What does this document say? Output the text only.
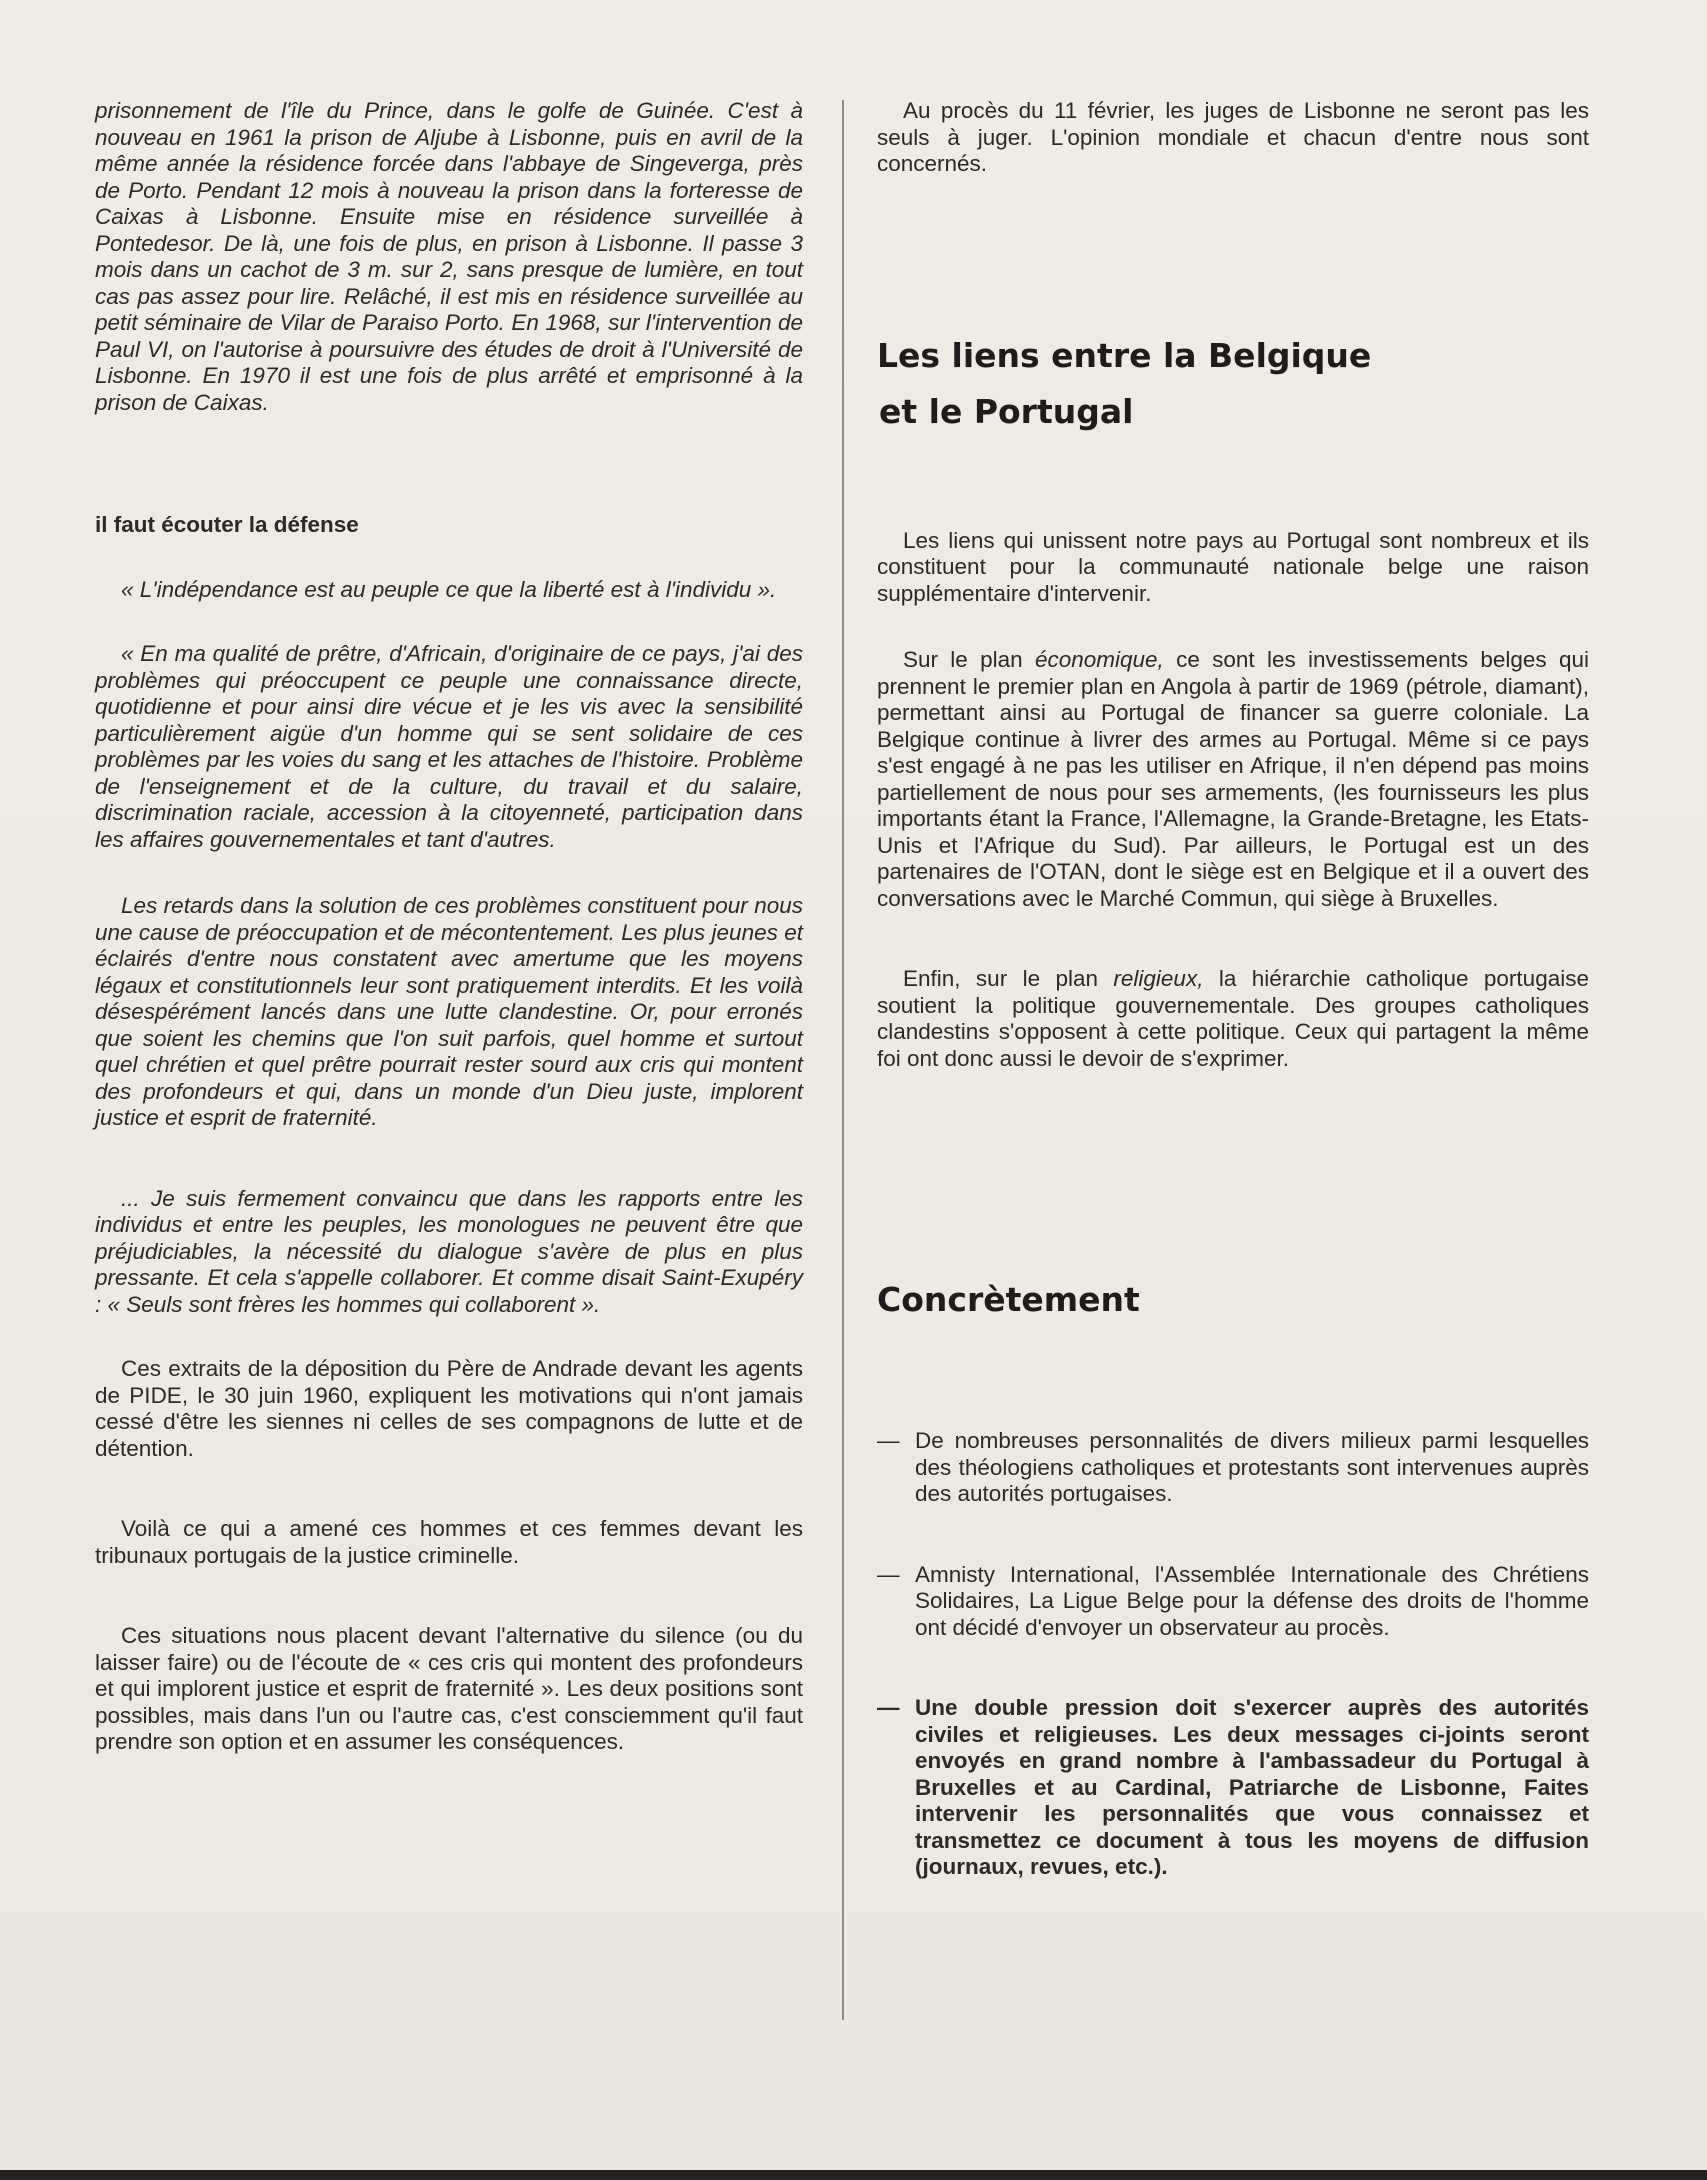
prisonnement de l'île du Prince, dans le golfe de Guinée. C'est à nouveau en 1961 la prison de Aljube à Lisbonne, puis en avril de la même année la résidence forcée dans l'abbaye de Singeverga, près de Porto. Pendant 12 mois à nouveau la prison dans la forteresse de Caixas à Lisbonne. Ensuite mise en résidence surveillée à Pontedesor. De là, une fois de plus, en prison à Lisbonne. Il passe 3 mois dans un cachot de 3 m. sur 2, sans presque de lumière, en tout cas pas assez pour lire. Relâché, il est mis en résidence surveillée au petit séminaire de Vilar de Paraiso Porto. En 1968, sur l'intervention de Paul VI, on l'autorise à poursuivre des études de droit à l'Université de Lisbonne. En 1970 il est une fois de plus arrêté et emprisonné à la prison de Caixas.

il faut écouter la défense

« L'indépendance est au peuple ce que la liberté est à l'individu ».

« En ma qualité de prêtre, d'Africain, d'originaire de ce pays, j'ai des problèmes qui préoccupent ce peuple une connaissance directe, quotidienne et pour ainsi dire vécue et je les vis avec la sensibilité particulièrement aigüe d'un homme qui se sent solidaire de ces problèmes par les voies du sang et les attaches de l'histoire. Problème de l'enseignement et de la culture, du travail et du salaire, discrimination raciale, accession à la citoyenneté, participation dans les affaires gouvernementales et tant d'autres.

Les retards dans la solution de ces problèmes constituent pour nous une cause de préoccupation et de mécontentement. Les plus jeunes et éclairés d'entre nous constatent avec amertume que les moyens légaux et constitutionnels leur sont pratiquement interdits. Et les voilà désespérément lancés dans une lutte clandestine. Or, pour erronés que soient les chemins que l'on suit parfois, quel homme et surtout quel chrétien et quel prêtre pourrait rester sourd aux cris qui montent des profondeurs et qui, dans un monde d'un Dieu juste, implorent justice et esprit de fraternité.

... Je suis fermement convaincu que dans les rapports entre les individus et entre les peuples, les monologues ne peuvent être que préjudiciables, la nécessité du dialogue s'avère de plus en plus pressante. Et cela s'appelle collaborer. Et comme disait Saint-Exupéry : « Seuls sont frères les hommes qui collaborent ».

Ces extraits de la déposition du Père de Andrade devant les agents de PIDE, le 30 juin 1960, expliquent les motivations qui n'ont jamais cessé d'être les siennes ni celles de ses compagnons de lutte et de détention.

Voilà ce qui a amené ces hommes et ces femmes devant les tribunaux portugais de la justice criminelle.

Ces situations nous placent devant l'alternative du silence (ou du laisser faire) ou de l'écoute de « ces cris qui montent des profondeurs et qui implorent justice et esprit de fraternité ». Les deux positions sont possibles, mais dans l'un ou l'autre cas, c'est consciemment qu'il faut prendre son option et en assumer les conséquences.

Au procès du 11 février, les juges de Lisbonne ne seront pas les seuls à juger. L'opinion mondiale et chacun d'entre nous sont concernés.

Les liens entre la Belgique
et le Portugal

Les liens qui unissent notre pays au Portugal sont nombreux et ils constituent pour la communauté nationale belge une raison supplémentaire d'intervenir.

Sur le plan économique, ce sont les investissements belges qui prennent le premier plan en Angola à partir de 1969 (pétrole, diamant), permettant ainsi au Portugal de financer sa guerre coloniale. La Belgique continue à livrer des armes au Portugal. Même si ce pays s'est engagé à ne pas les utiliser en Afrique, il n'en dépend pas moins partiellement de nous pour ses armements, (les fournisseurs les plus importants étant la France, l'Allemagne, la Grande-Bretagne, les Etats-Unis et l'Afrique du Sud). Par ailleurs, le Portugal est un des partenaires de l'OTAN, dont le siège est en Belgique et il a ouvert des conversations avec le Marché Commun, qui siège à Bruxelles.

Enfin, sur le plan religieux, la hiérarchie catholique portugaise soutient la politique gouvernementale. Des groupes catholiques clandestins s'opposent à cette politique. Ceux qui partagent la même foi ont donc aussi le devoir de s'exprimer.

Concrètement
— De nombreuses personnalités de divers milieux parmi lesquelles des théologiens catholiques et protestants sont intervenues auprès des autorités portugaises.
— Amnisty International, l'Assemblée Internationale des Chrétiens Solidaires, La Ligue Belge pour la défense des droits de l'homme ont décidé d'envoyer un observateur au procès.
— Une double pression doit s'exercer auprès des autorités civiles et religieuses. Les deux messages ci-joints seront envoyés en grand nombre à l'ambassadeur du Portugal à Bruxelles et au Cardinal, Patriarche de Lisbonne, Faites intervenir les personnalités que vous connaissez et transmettez ce document à tous les moyens de diffusion (journaux, revues, etc.).
